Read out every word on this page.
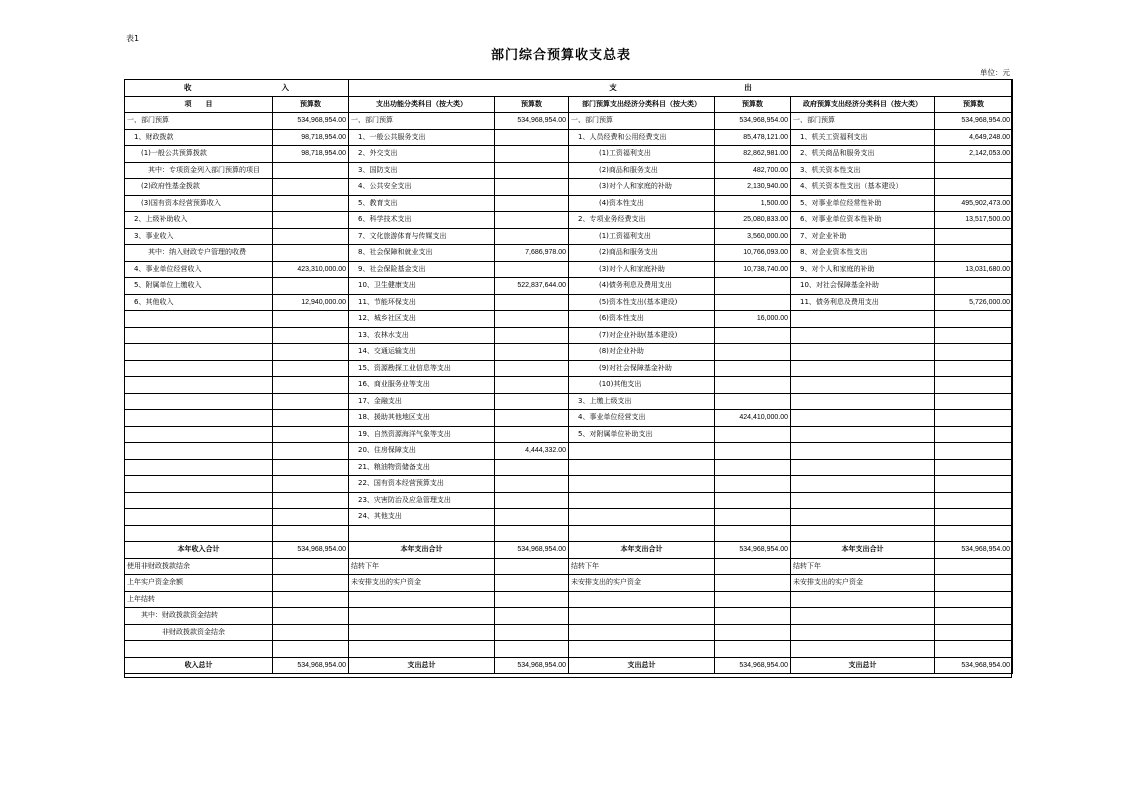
表1
部门综合预算收支总表
单位：元
收　　　　　　　　　　　　入		支　　　　　　　　　　　　　　　　　出					
项　　目	预算数	支出功能分类科目（按大类）	预算数	部门预算支出经济分类科目（按大类）	预算数	政府预算支出经济分类科目（按大类）	预算数
一、部门预算	534,968,954.00	一、部门预算	534,968,954.00	一、部门预算	534,968,954.00	一、部门预算	534,968,954.00
　1、财政拨款	98,718,954.00	　1、一般公共服务支出		　1、人员经费和公用经费支出	85,478,121.00	　1、机关工资福利支出	4,649,248.00
　　(1)一般公共预算拨款	98,718,954.00	　2、外交支出		　　　　(1)工资福利支出	82,862,981.00	　2、机关商品和服务支出	2,142,053.00
　　　其中：专项资金列入部门预算的项目		　3、国防支出		　　　　(2)商品和服务支出	482,700.00	　3、机关资本性支出	
　　(2)政府性基金拨款		　4、公共安全支出		　　　　(3)对个人和家庭的补助	2,130,940.00	　4、机关资本性支出（基本建设）	
　　(3)国有资本经营预算收入		　5、教育支出		　　　　(4)资本性支出	1,500.00	　5、对事业单位经常性补助	495,902,473.00
　2、上级补助收入		　6、科学技术支出		　2、专项业务经费支出	25,080,833.00	　6、对事业单位资本性补助	13,517,500.00
　3、事业收入		　7、文化旅游体育与传媒支出		　　　　(1)工资福利支出	3,560,000.00	　7、对企业补助	
　　　其中：纳入财政专户管理的收费		　8、社会保障和就业支出	7,686,978.00	　　　　(2)商品和服务支出	10,766,093.00	　8、对企业资本性支出	
　4、事业单位经营收入	423,310,000.00	　9、社会保险基金支出		　　　　(3)对个人和家庭补助	10,738,740.00	　9、对个人和家庭的补助	13,031,680.00
　5、附属单位上缴收入		　10、卫生健康支出	522,837,644.00	　　　　(4)债务利息及费用支出		　10、对社会保障基金补助	
　6、其他收入	12,940,000.00	　11、节能环保支出		　　　　(5)资本性支出(基本建设)		　11、债务利息及费用支出	5,726,000.00
		　12、城乡社区支出		　　　　(6)资本性支出	16,000.00		
		　13、农林水支出		　　　　(7)对企业补助(基本建设)			
		　14、交通运输支出		　　　　(8)对企业补助			
		　15、资源勘探工业信息等支出		　　　　(9)对社会保障基金补助			
		　16、商业服务业等支出		　　　　(10)其他支出			
		　17、金融支出		　3、上缴上级支出			
		　18、援助其他地区支出		　4、事业单位经营支出	424,410,000.00		
		　19、自然资源海洋气象等支出		　5、对附属单位补助支出			
		　20、住房保障支出	4,444,332.00				
		　21、粮油物资储备支出					
		　22、国有资本经营预算支出					
		　23、灾害防治及应急管理支出					
		　24、其他支出					

本年收入合计	534,968,954.00	本年支出合计	534,968,954.00	本年支出合计	534,968,954.00	本年支出合计	534,968,954.00
使用非财政拨款结余		结转下年		结转下年		结转下年	
上年实户资金余额		未安排支出的实户资金		未安排支出的实户资金		未安排支出的实户资金	
上年结转							
　　其中：财政拨款资金结转							
　　　　　非财政拨款资金结余							

收入总计	534,968,954.00	支出总计	534,968,954.00	支出总计	534,968,954.00	支出总计	534,968,954.00
